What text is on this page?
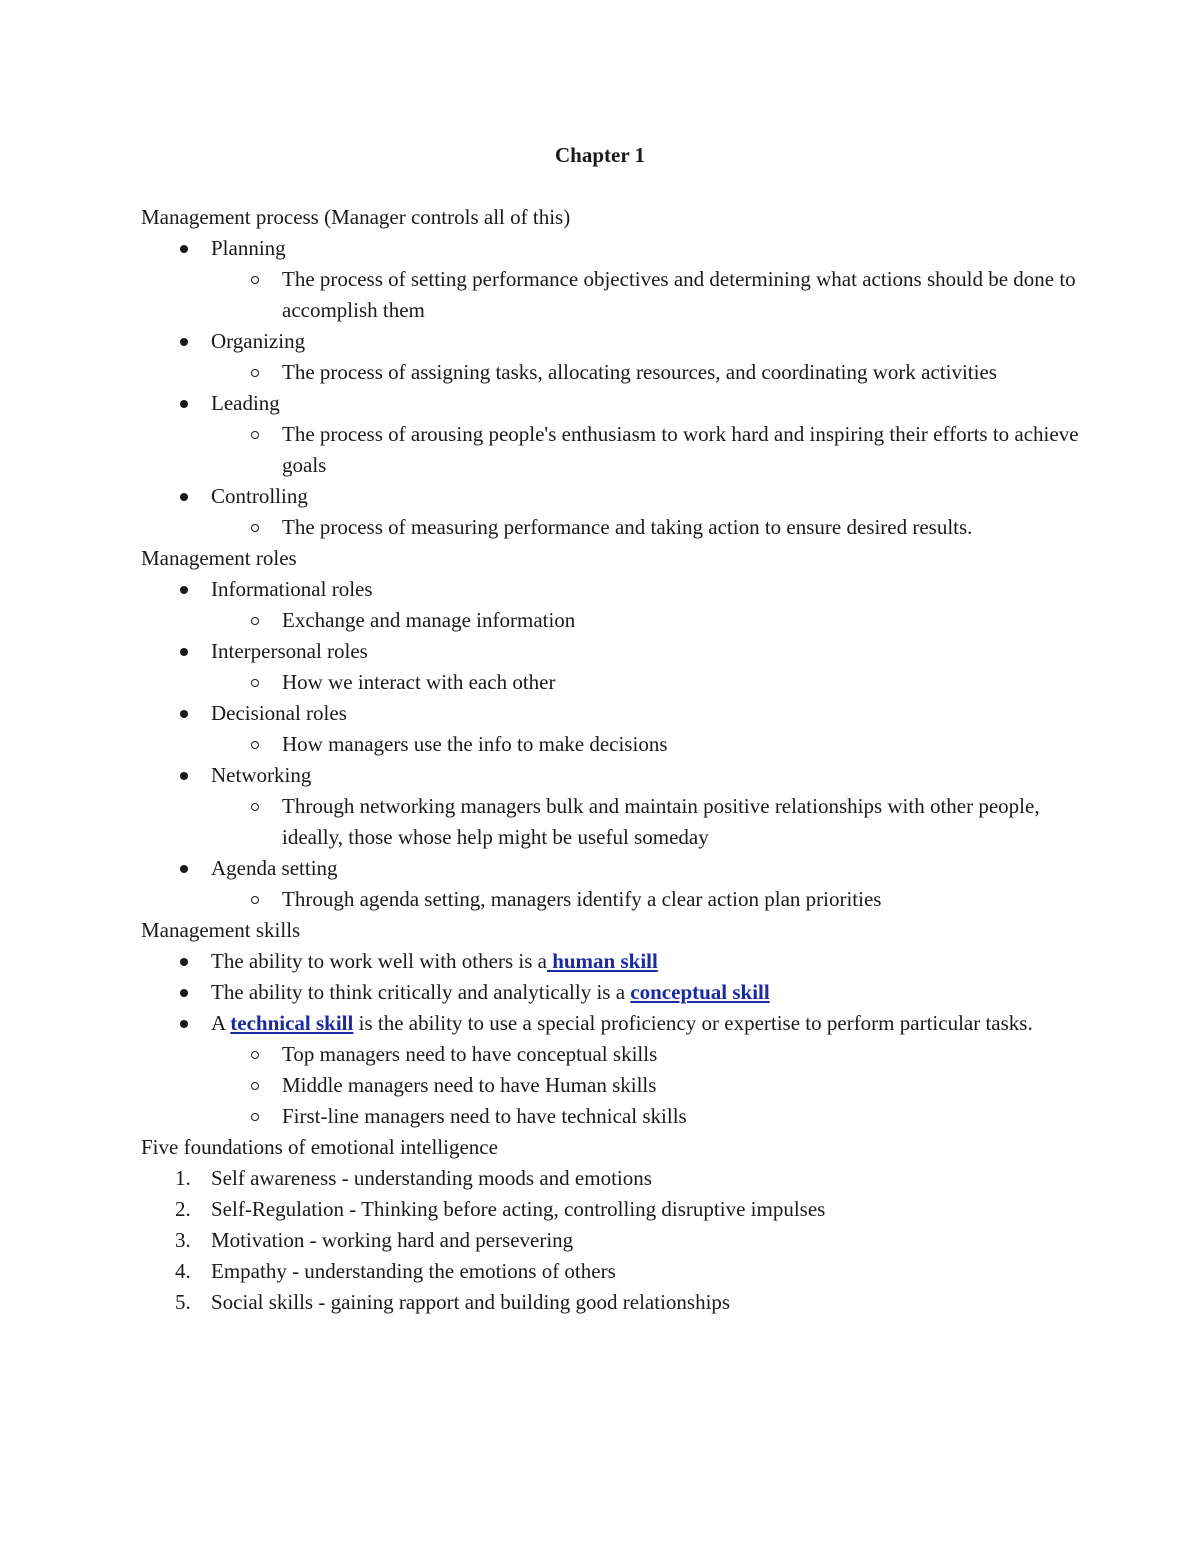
Chapter 1

Management process (Manager controls all of this)

Planning
The process of setting performance objectives and determining what actions should be done to accomplish them
Organizing
The process of assigning tasks, allocating resources, and coordinating work activities
Leading
The process of arousing people's enthusiasm to work hard and inspiring their efforts to achieve goals
Controlling
The process of measuring performance and taking action to ensure desired results.

Management roles

Informational roles
Exchange and manage information
Interpersonal roles
How we interact with each other
Decisional roles
How managers use the info to make decisions
Networking
Through networking managers bulk and maintain positive relationships with other people, ideally, those whose help might be useful someday
Agenda setting
Through agenda setting, managers identify a clear action plan priorities

Management skills

The ability to work well with others is a human skill
The ability to think critically and analytically is a conceptual skill
A technical skill is the ability to use a special proficiency or expertise to perform particular tasks.
Top managers need to have conceptual skills
Middle managers need to have Human skills
First-line managers need to have technical skills

Five foundations of emotional intelligence

1. Self awareness - understanding moods and emotions
2. Self-Regulation - Thinking before acting, controlling disruptive impulses
3. Motivation - working hard and persevering
4. Empathy - understanding the emotions of others
5. Social skills - gaining rapport and building good relationships
